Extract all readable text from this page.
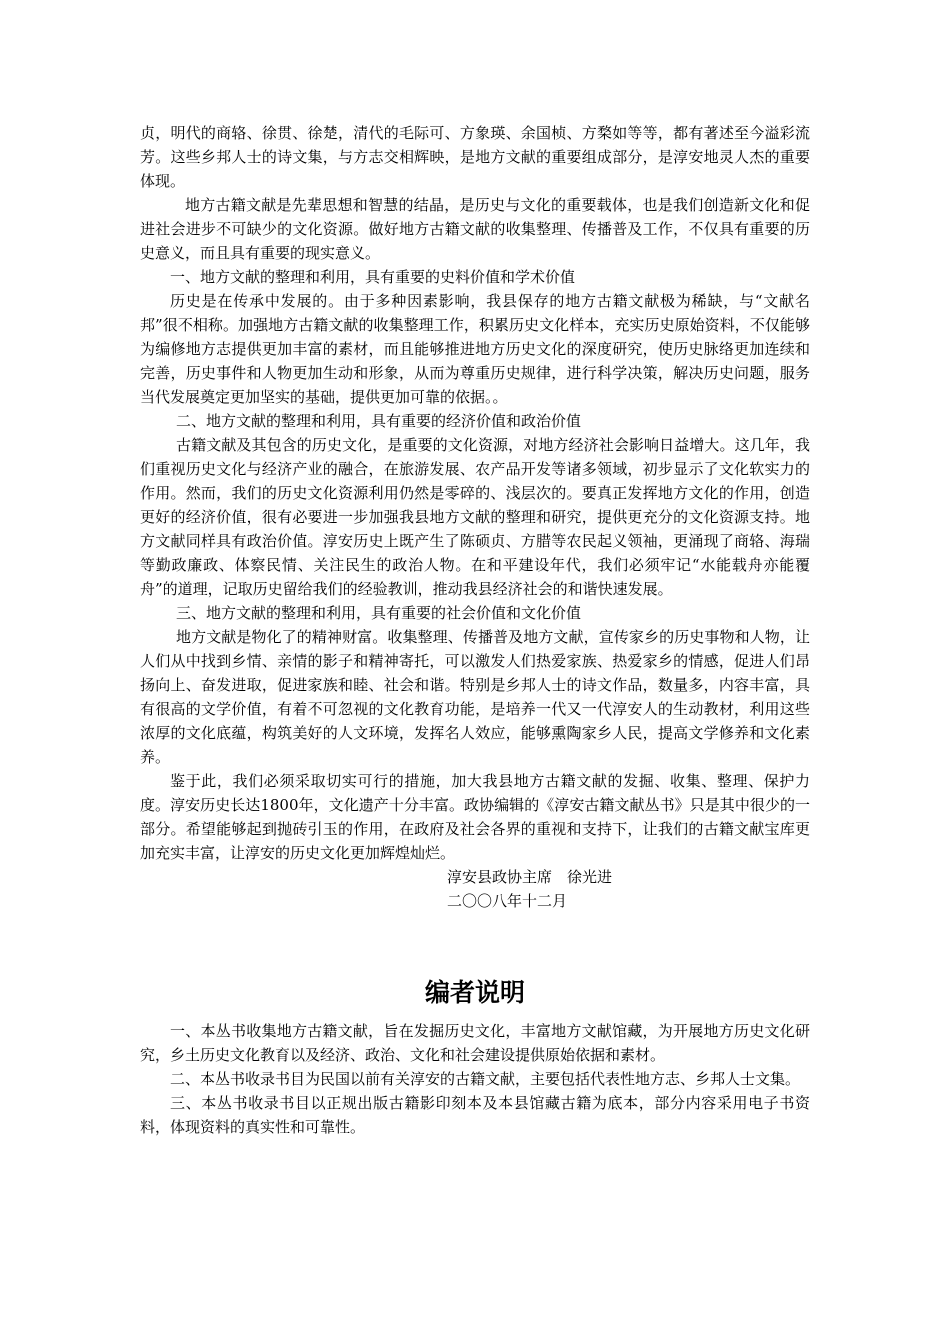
贞，明代的商辂、徐贯、徐楚，清代的毛际可、方象瑛、余国桢、方楘如等等，都有著述至今溢彩流芳。这些乡邦人士的诗文集，与方志交相辉映，是地方文献的重要组成部分，是淳安地灵人杰的重要体现。

地方古籍文献是先辈思想和智慧的结晶，是历史与文化的重要载体，也是我们创造新文化和促进社会进步不可缺少的文化资源。做好地方古籍文献的收集整理、传播普及工作，不仅具有重要的历史意义，而且具有重要的现实意义。

一、地方文献的整理和利用，具有重要的史料价值和学术价值

历史是在传承中发展的。由于多种因素影响，我县保存的地方古籍文献极为稀缺，与“文献名邦”很不相称。加强地方古籍文献的收集整理工作，积累历史文化样本，充实历史原始资料，不仅能够为编修地方志提供更加丰富的素材，而且能够推进地方历史文化的深度研究，使历史脉络更加连续和完善，历史事件和人物更加生动和形象，从而为尊重历史规律，进行科学决策，解决历史问题，服务当代发展奠定更加坚实的基础，提供更加可靠的依据。。

二、地方文献的整理和利用，具有重要的经济价值和政治价值

古籍文献及其包含的历史文化，是重要的文化资源，对地方经济社会影响日益增大。这几年，我们重视历史文化与经济产业的融合，在旅游发展、农产品开发等诸多领域，初步显示了文化软实力的作用。然而，我们的历史文化资源利用仍然是零碎的、浅层次的。要真正发挥地方文化的作用，创造更好的经济价值，很有必要进一步加强我县地方文献的整理和研究，提供更充分的文化资源支持。地方文献同样具有政治价值。淳安历史上既产生了陈硕贞、方腊等农民起义领袖，更涌现了商辂、海瑞等勤政廉政、体察民情、关注民生的政治人物。在和平建设年代，我们必须牢记“水能载舟亦能覆舟”的道理，记取历史留给我们的经验教训，推动我县经济社会的和谐快速发展。

三、地方文献的整理和利用，具有重要的社会价值和文化价值

地方文献是物化了的精神财富。收集整理、传播普及地方文献，宣传家乡的历史事物和人物，让人们从中找到乡情、亲情的影子和精神寄托，可以激发人们热爱家族、热爱家乡的情感，促进人们昂扬向上、奋发进取，促进家族和睦、社会和谐。特别是乡邦人士的诗文作品，数量多，内容丰富，具有很高的文学价值，有着不可忽视的文化教育功能，是培养一代又一代淳安人的生动教材，利用这些浓厚的文化底蕴，构筑美好的人文环境，发挥名人效应，能够熏陶家乡人民，提高文学修养和文化素养。

鉴于此，我们必须采取切实可行的措施，加大我县地方古籍文献的发掘、收集、整理、保护力度。淳安历史长达1800年，文化遗产十分丰富。政协编辑的《淳安古籍文献丛书》只是其中很少的一部分。希望能够起到抛砖引玉的作用，在政府及社会各界的重视和支持下，让我们的古籍文献宝库更加充实丰富，让淳安的历史文化更加辉煌灿烂。

淳安县政协主席　徐光进

二〇〇八年十二月

编者说明

一、本丛书收集地方古籍文献，旨在发掘历史文化，丰富地方文献馆藏，为开展地方历史文化研究，乡土历史文化教育以及经济、政治、文化和社会建设提供原始依据和素材。

二、本丛书收录书目为民国以前有关淳安的古籍文献，主要包括代表性地方志、乡邦人士文集。

三、本丛书收录书目以正规出版古籍影印刻本及本县馆藏古籍为底本，部分内容采用电子书资料，体现资料的真实性和可靠性。
